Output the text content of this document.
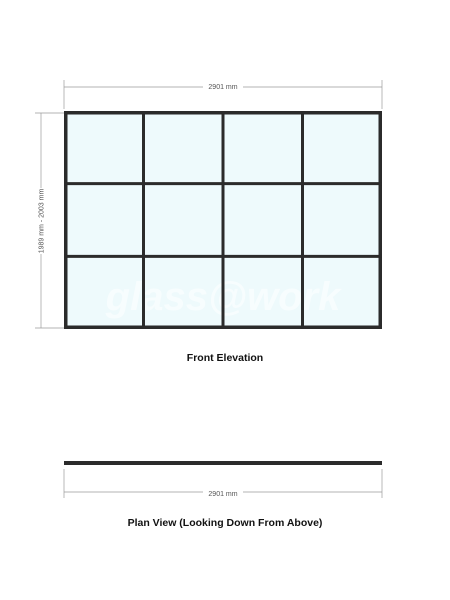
2901 mm
1989 mm - 2003 mm
glass@work
2901 mm
Front Elevation
Plan View (Looking Down From Above)
